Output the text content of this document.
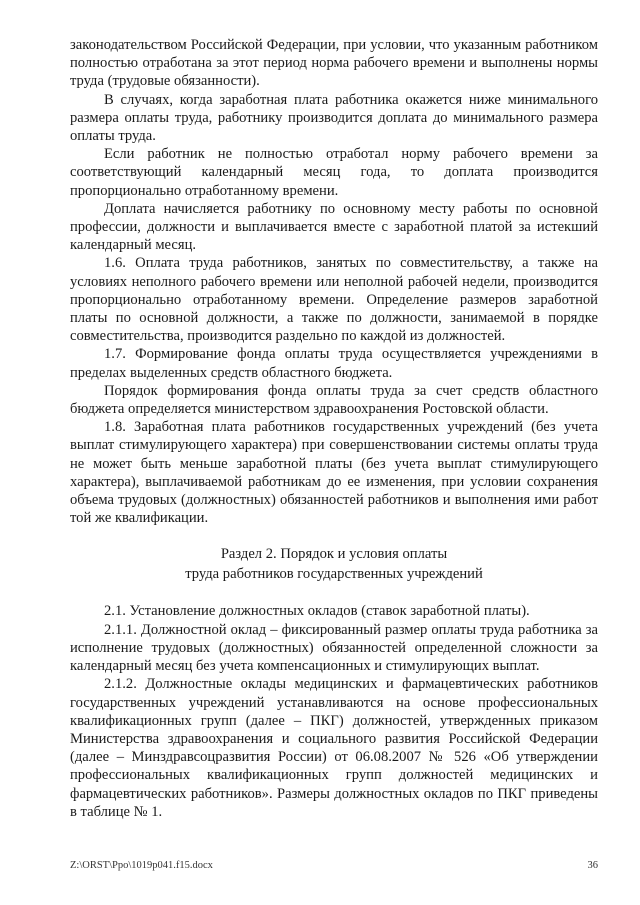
законодательством Российской Федерации, при условии, что указанным работником полностью отработана за этот период норма рабочего времени и выполнены нормы труда (трудовые обязанности).

В случаях, когда заработная плата работника окажется ниже минимального размера оплаты труда, работнику производится доплата до минимального размера оплаты труда.

Если работник не полностью отработал норму рабочего времени за соответствующий календарный месяц года, то доплата производится пропорционально отработанному времени.

Доплата начисляется работнику по основному месту работы по основной профессии, должности и выплачивается вместе с заработной платой за истекший календарный месяц.

1.6. Оплата труда работников, занятых по совместительству, а также на условиях неполного рабочего времени или неполной рабочей недели, производится пропорционально отработанному времени. Определение размеров заработной платы по основной должности, а также по должности, занимаемой в порядке совместительства, производится раздельно по каждой из должностей.

1.7. Формирование фонда оплаты труда осуществляется учреждениями в пределах выделенных средств областного бюджета.

Порядок формирования фонда оплаты труда за счет средств областного бюджета определяется министерством здравоохранения Ростовской области.

1.8. Заработная плата работников государственных учреждений (без учета выплат стимулирующего характера) при совершенствовании системы оплаты труда не может быть меньше заработной платы (без учета выплат стимулирующего характера), выплачиваемой работникам до ее изменения, при условии сохранения объема трудовых (должностных) обязанностей работников и выполнения ими работ той же квалификации.

Раздел 2. Порядок и условия оплаты
труда работников государственных учреждений

2.1. Установление должностных окладов (ставок заработной платы).

2.1.1. Должностной оклад – фиксированный размер оплаты труда работника за исполнение трудовых (должностных) обязанностей определенной сложности за календарный месяц без учета компенсационных и стимулирующих выплат.

2.1.2. Должностные оклады медицинских и фармацевтических работников государственных учреждений устанавливаются на основе профессиональных квалификационных групп (далее – ПКГ) должностей, утвержденных приказом Министерства здравоохранения и социального развития Российской Федерации (далее – Минздравсоцразвития России) от 06.08.2007 № 526 «Об утверждении профессиональных квалификационных групп должностей медицинских и фармацевтических работников». Размеры должностных окладов по ПКГ приведены в таблице № 1.

Z:\ORST\Ppo\1019p041.f15.docx	36
